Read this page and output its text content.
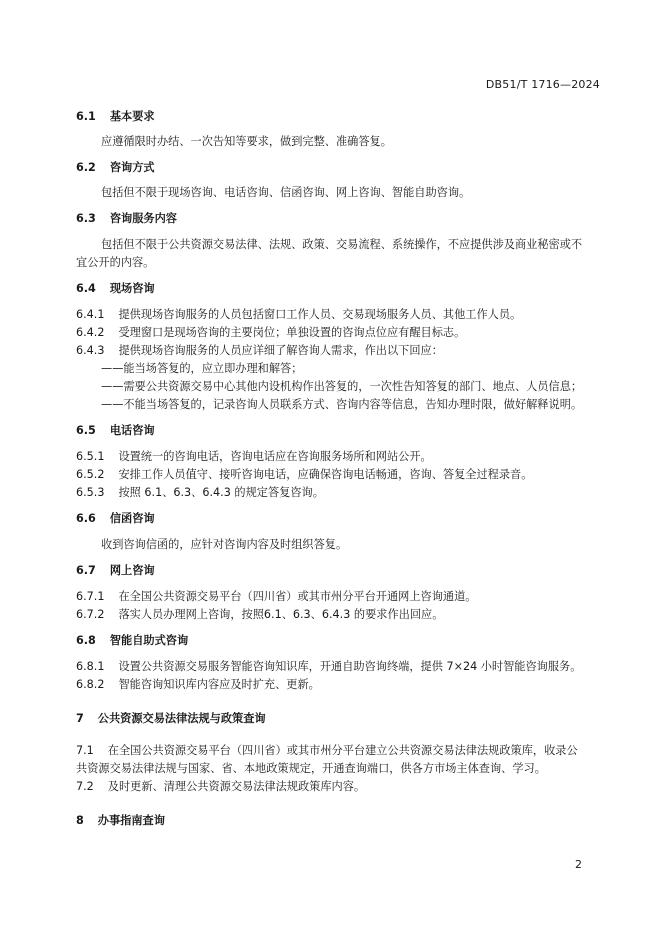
DB51/T 1716—2024
6.1 基本要求
应遵循限时办结、一次告知等要求，做到完整、准确答复。
6.2 咨询方式
包括但不限于现场咨询、电话咨询、信函咨询、网上咨询、智能自助咨询。
6.3 咨询服务内容
包括但不限于公共资源交易法律、法规、政策、交易流程、系统操作，不应提供涉及商业秘密或不
宜公开的内容。
6.4 现场咨询
6.4.1 提供现场咨询服务的人员包括窗口工作人员、交易现场服务人员、其他工作人员。
6.4.2 受理窗口是现场咨询的主要岗位；单独设置的咨询点位应有醒目标志。
6.4.3 提供现场咨询服务的人员应详细了解咨询人需求，作出以下回应：
——能当场答复的，应立即办理和解答；
——需要公共资源交易中心其他内设机构作出答复的，一次性告知答复的部门、地点、人员信息；
——不能当场答复的，记录咨询人员联系方式、咨询内容等信息，告知办理时限，做好解释说明。
6.5 电话咨询
6.5.1 设置统一的咨询电话，咨询电话应在咨询服务场所和网站公开。
6.5.2 安排工作人员值守、接听咨询电话，应确保咨询电话畅通，咨询、答复全过程录音。
6.5.3 按照 6.1、6.3、6.4.3 的规定答复咨询。
6.6 信函咨询
收到咨询信函的，应针对咨询内容及时组织答复。
6.7 网上咨询
6.7.1 在全国公共资源交易平台（四川省）或其市州分平台开通网上咨询通道。
6.7.2 落实人员办理网上咨询，按照6.1、6.3、6.4.3 的要求作出回应。
6.8 智能自助式咨询
6.8.1 设置公共资源交易服务智能咨询知识库，开通自助咨询终端，提供 7×24 小时智能咨询服务。
6.8.2 智能咨询知识库内容应及时扩充、更新。
7 公共资源交易法律法规与政策查询
7.1 在全国公共资源交易平台（四川省）或其市州分平台建立公共资源交易法律法规政策库，收录公
共资源交易法律法规与国家、省、本地政策规定，开通查询端口，供各方市场主体查询、学习。
7.2 及时更新、清理公共资源交易法律法规政策库内容。
8 办事指南查询
2
